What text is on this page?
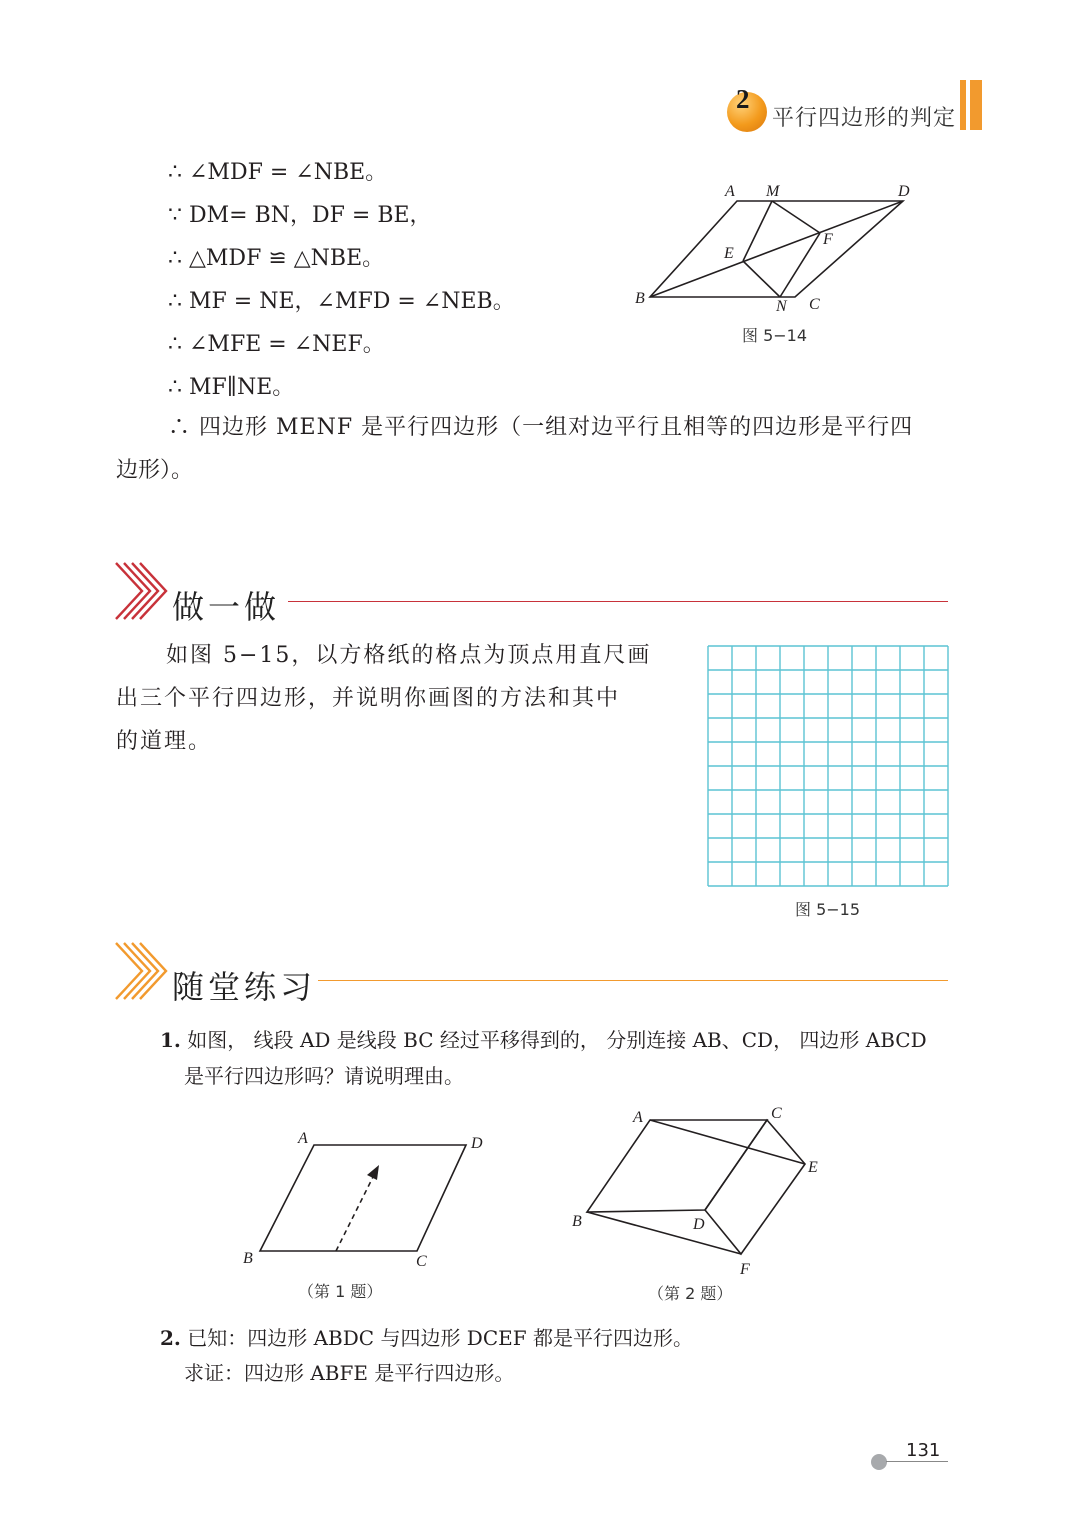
2
平行四边形的判定
∴ ∠MDF = ∠NBE。
∵ DM= BN，DF = BE，
∴ △MDF ≌ △NBE。
∴ MF = NE，∠MFD = ∠NEB。
∴ ∠MFE = ∠NEF。
∴ MF∥NE。
∴ 四边形 MENF 是平行四边形（一组对边平行且相等的四边形是平行四
边形）。
A M	D
E
F
B	N C
图 5−14
做一做
如图 5−15，以方格纸的格点为顶点用直尺画
出三个平行四边形，并说明你画图的方法和其中
的道理。
图 5−15
随堂练习
1. 如图， 线段 AD 是线段 BC 经过平移得到的， 分别连接 AB、CD， 四边形 ABCD
是平行四边形吗？请说明理由。
A	D
B	C
（第 1 题）
A	C
E
B	D
F
（第 2 题）
2. 已知：四边形 ABDC 与四边形 DCEF 都是平行四边形。
求证：四边形 ABFE 是平行四边形。
131
